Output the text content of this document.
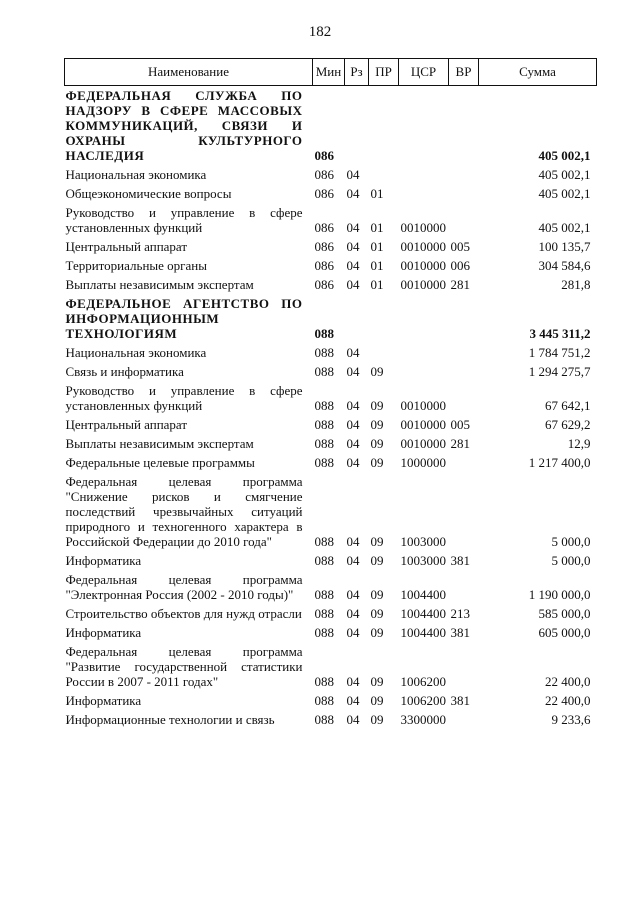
182
Наименование	Мин	Рз	ПР	ЦСР	ВР	Сумма
ФЕДЕРАЛЬНАЯ СЛУЖБА ПО НАДЗОРУ В СФЕРЕ МАССОВЫХ КОММУНИКАЦИЙ, СВЯЗИ И ОХРАНЫ КУЛЬТУРНОГО НАСЛЕДИЯ	086					405 002,1
Национальная экономика	086	04				405 002,1
Общеэкономические вопросы	086	04	01			405 002,1
Руководство и управление в сфере установленных функций	086	04	01	0010000		405 002,1
Центральный аппарат	086	04	01	0010000	005	100 135,7
Территориальные органы	086	04	01	0010000	006	304 584,6
Выплаты независимым экспертам	086	04	01	0010000	281	281,8
ФЕДЕРАЛЬНОЕ АГЕНТСТВО ПО ИНФОРМАЦИОННЫМ ТЕХНОЛОГИЯМ	088					3 445 311,2
Национальная экономика	088	04				1 784 751,2
Связь и информатика	088	04	09			1 294 275,7
Руководство и управление в сфере установленных функций	088	04	09	0010000		67 642,1
Центральный аппарат	088	04	09	0010000	005	67 629,2
Выплаты независимым экспертам	088	04	09	0010000	281	12,9
Федеральные целевые программы	088	04	09	1000000		1 217 400,0
Федеральная целевая программа "Снижение рисков и смягчение последствий чрезвычайных ситуаций природного и техногенного характера в Российской Федерации до 2010 года"	088	04	09	1003000		5 000,0
Информатика	088	04	09	1003000	381	5 000,0
Федеральная целевая программа "Электронная Россия (2002 - 2010 годы)"	088	04	09	1004400		1 190 000,0
Строительство объектов для нужд отрасли	088	04	09	1004400	213	585 000,0
Информатика	088	04	09	1004400	381	605 000,0
Федеральная целевая программа "Развитие государственной статистики России в 2007 - 2011 годах"	088	04	09	1006200		22 400,0
Информатика	088	04	09	1006200	381	22 400,0
Информационные технологии и связь	088	04	09	3300000		9 233,6
